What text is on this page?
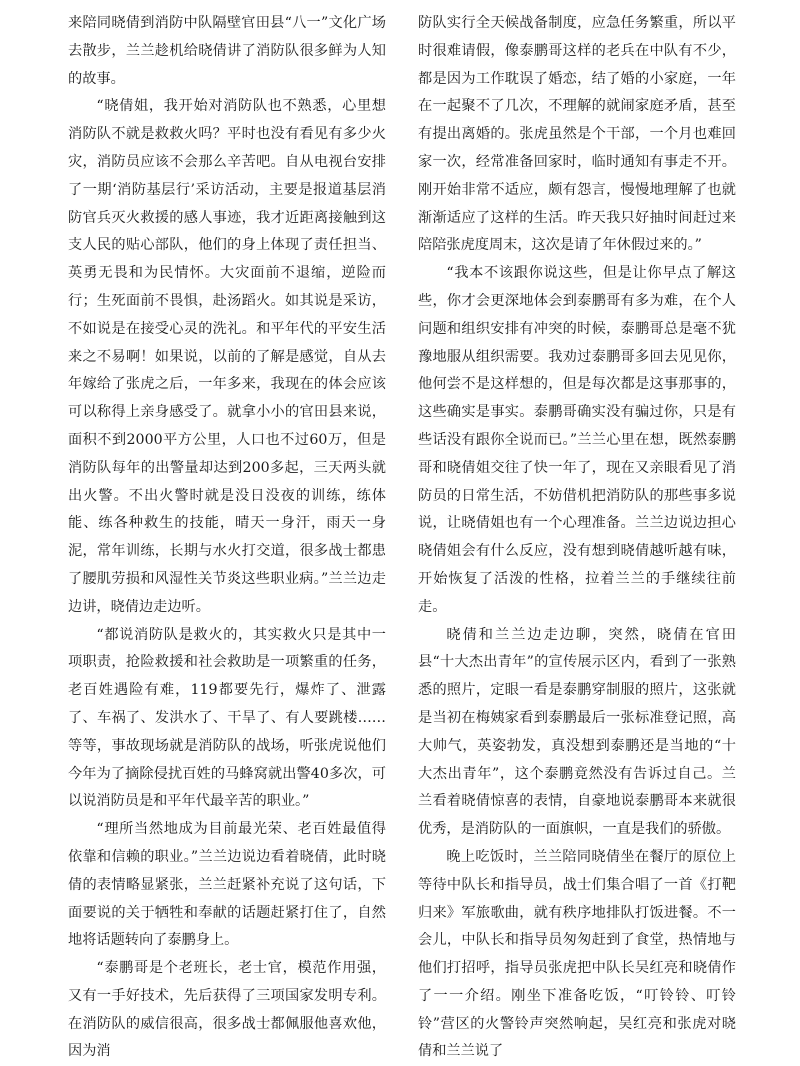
来陪同晓倩到消防中队隔壁官田县“八一”文化广场去散步，兰兰趁机给晓倩讲了消防队很多鲜为人知的故事。

“晓倩姐，我开始对消防队也不熟悉，心里想消防队不就是救救火吗？平时也没有看见有多少火灾，消防员应该不会那么辛苦吧。自从电视台安排了一期‘消防基层行’采访活动，主要是报道基层消防官兵灭火救援的感人事迹，我才近距离接触到这支人民的贴心部队，他们的身上体现了责任担当、英勇无畏和为民情怀。大灾面前不退缩，逆险而行；生死面前不畏惧，赴汤蹈火。如其说是采访，不如说是在接受心灵的洗礼。和平年代的平安生活来之不易啊！如果说，以前的了解是感觉，自从去年嫁给了张虎之后，一年多来，我现在的体会应该可以称得上亲身感受了。就拿小小的官田县来说，面积不到2000平方公里，人口也不过60万，但是消防队每年的出警量却达到200多起，三天两头就出火警。不出火警时就是没日没夜的训练，练体能、练各种救生的技能，晴天一身汗，雨天一身泥，常年训练，长期与水火打交道，很多战士都患了腰肌劳损和风湿性关节炎这些职业病。”兰兰边走边讲，晓倩边走边听。

“都说消防队是救火的，其实救火只是其中一项职责，抢险救援和社会救助是一项繁重的任务，老百姓遇险有难，119都要先行，爆炸了、泄露了、车祸了、发洪水了、干旱了、有人要跳楼……等等，事故现场就是消防队的战场，听张虎说他们今年为了摘除侵扰百姓的马蜂窝就出警40多次，可以说消防员是和平年代最辛苦的职业。”

“理所当然地成为目前最光荣、老百姓最值得依靠和信赖的职业。”兰兰边说边看着晓倩，此时晓倩的表情略显紧张，兰兰赶紧补充说了这句话，下面要说的关于牺牲和奉献的话题赶紧打住了，自然地将话题转向了泰鹏身上。

“泰鹏哥是个老班长，老士官，模范作用强，又有一手好技术，先后获得了三项国家发明专利。在消防队的威信很高，很多战士都佩服他喜欢他，因为消

防队实行全天候战备制度，应急任务繁重，所以平时很难请假，像泰鹏哥这样的老兵在中队有不少，都是因为工作耽误了婚恋，结了婚的小家庭，一年在一起聚不了几次，不理解的就闹家庭矛盾，甚至有提出离婚的。张虎虽然是个干部，一个月也难回家一次，经常准备回家时，临时通知有事走不开。刚开始非常不适应，颇有怨言，慢慢地理解了也就渐渐适应了这样的生活。昨天我只好抽时间赶过来陪陪张虎度周末，这次是请了年休假过来的。”

“我本不该跟你说这些，但是让你早点了解这些，你才会更深地体会到泰鹏哥有多为难，在个人问题和组织安排有冲突的时候，泰鹏哥总是毫不犹豫地服从组织需要。我劝过泰鹏哥多回去见见你，他何尝不是这样想的，但是每次都是这事那事的，这些确实是事实。泰鹏哥确实没有骗过你，只是有些话没有跟你全说而已。”兰兰心里在想，既然泰鹏哥和晓倩姐交往了快一年了，现在又亲眼看见了消防员的日常生活，不妨借机把消防队的那些事多说说，让晓倩姐也有一个心理准备。兰兰边说边担心晓倩姐会有什么反应，没有想到晓倩越听越有味，开始恢复了活泼的性格，拉着兰兰的手继续往前走。

晓倩和兰兰边走边聊，突然，晓倩在官田县“十大杰出青年”的宣传展示区内，看到了一张熟悉的照片，定眼一看是泰鹏穿制服的照片，这张就是当初在梅姨家看到泰鹏最后一张标准登记照，高大帅气，英姿勃发，真没想到泰鹏还是当地的“十大杰出青年”，这个泰鹏竟然没有告诉过自己。兰兰看着晓倩惊喜的表情，自豪地说泰鹏哥本来就很优秀，是消防队的一面旗帜，一直是我们的骄傲。

晚上吃饭时，兰兰陪同晓倩坐在餐厅的原位上等待中队长和指导员，战士们集合唱了一首《打靶归来》军旅歌曲，就有秩序地排队打饭进餐。不一会儿，中队长和指导员匆匆赶到了食堂，热情地与他们打招呼，指导员张虎把中队长吴红亮和晓倩作了一一介绍。刚坐下准备吃饭，“叮铃铃、叮铃铃”营区的火警铃声突然响起，吴红亮和张虎对晓倩和兰兰说了
